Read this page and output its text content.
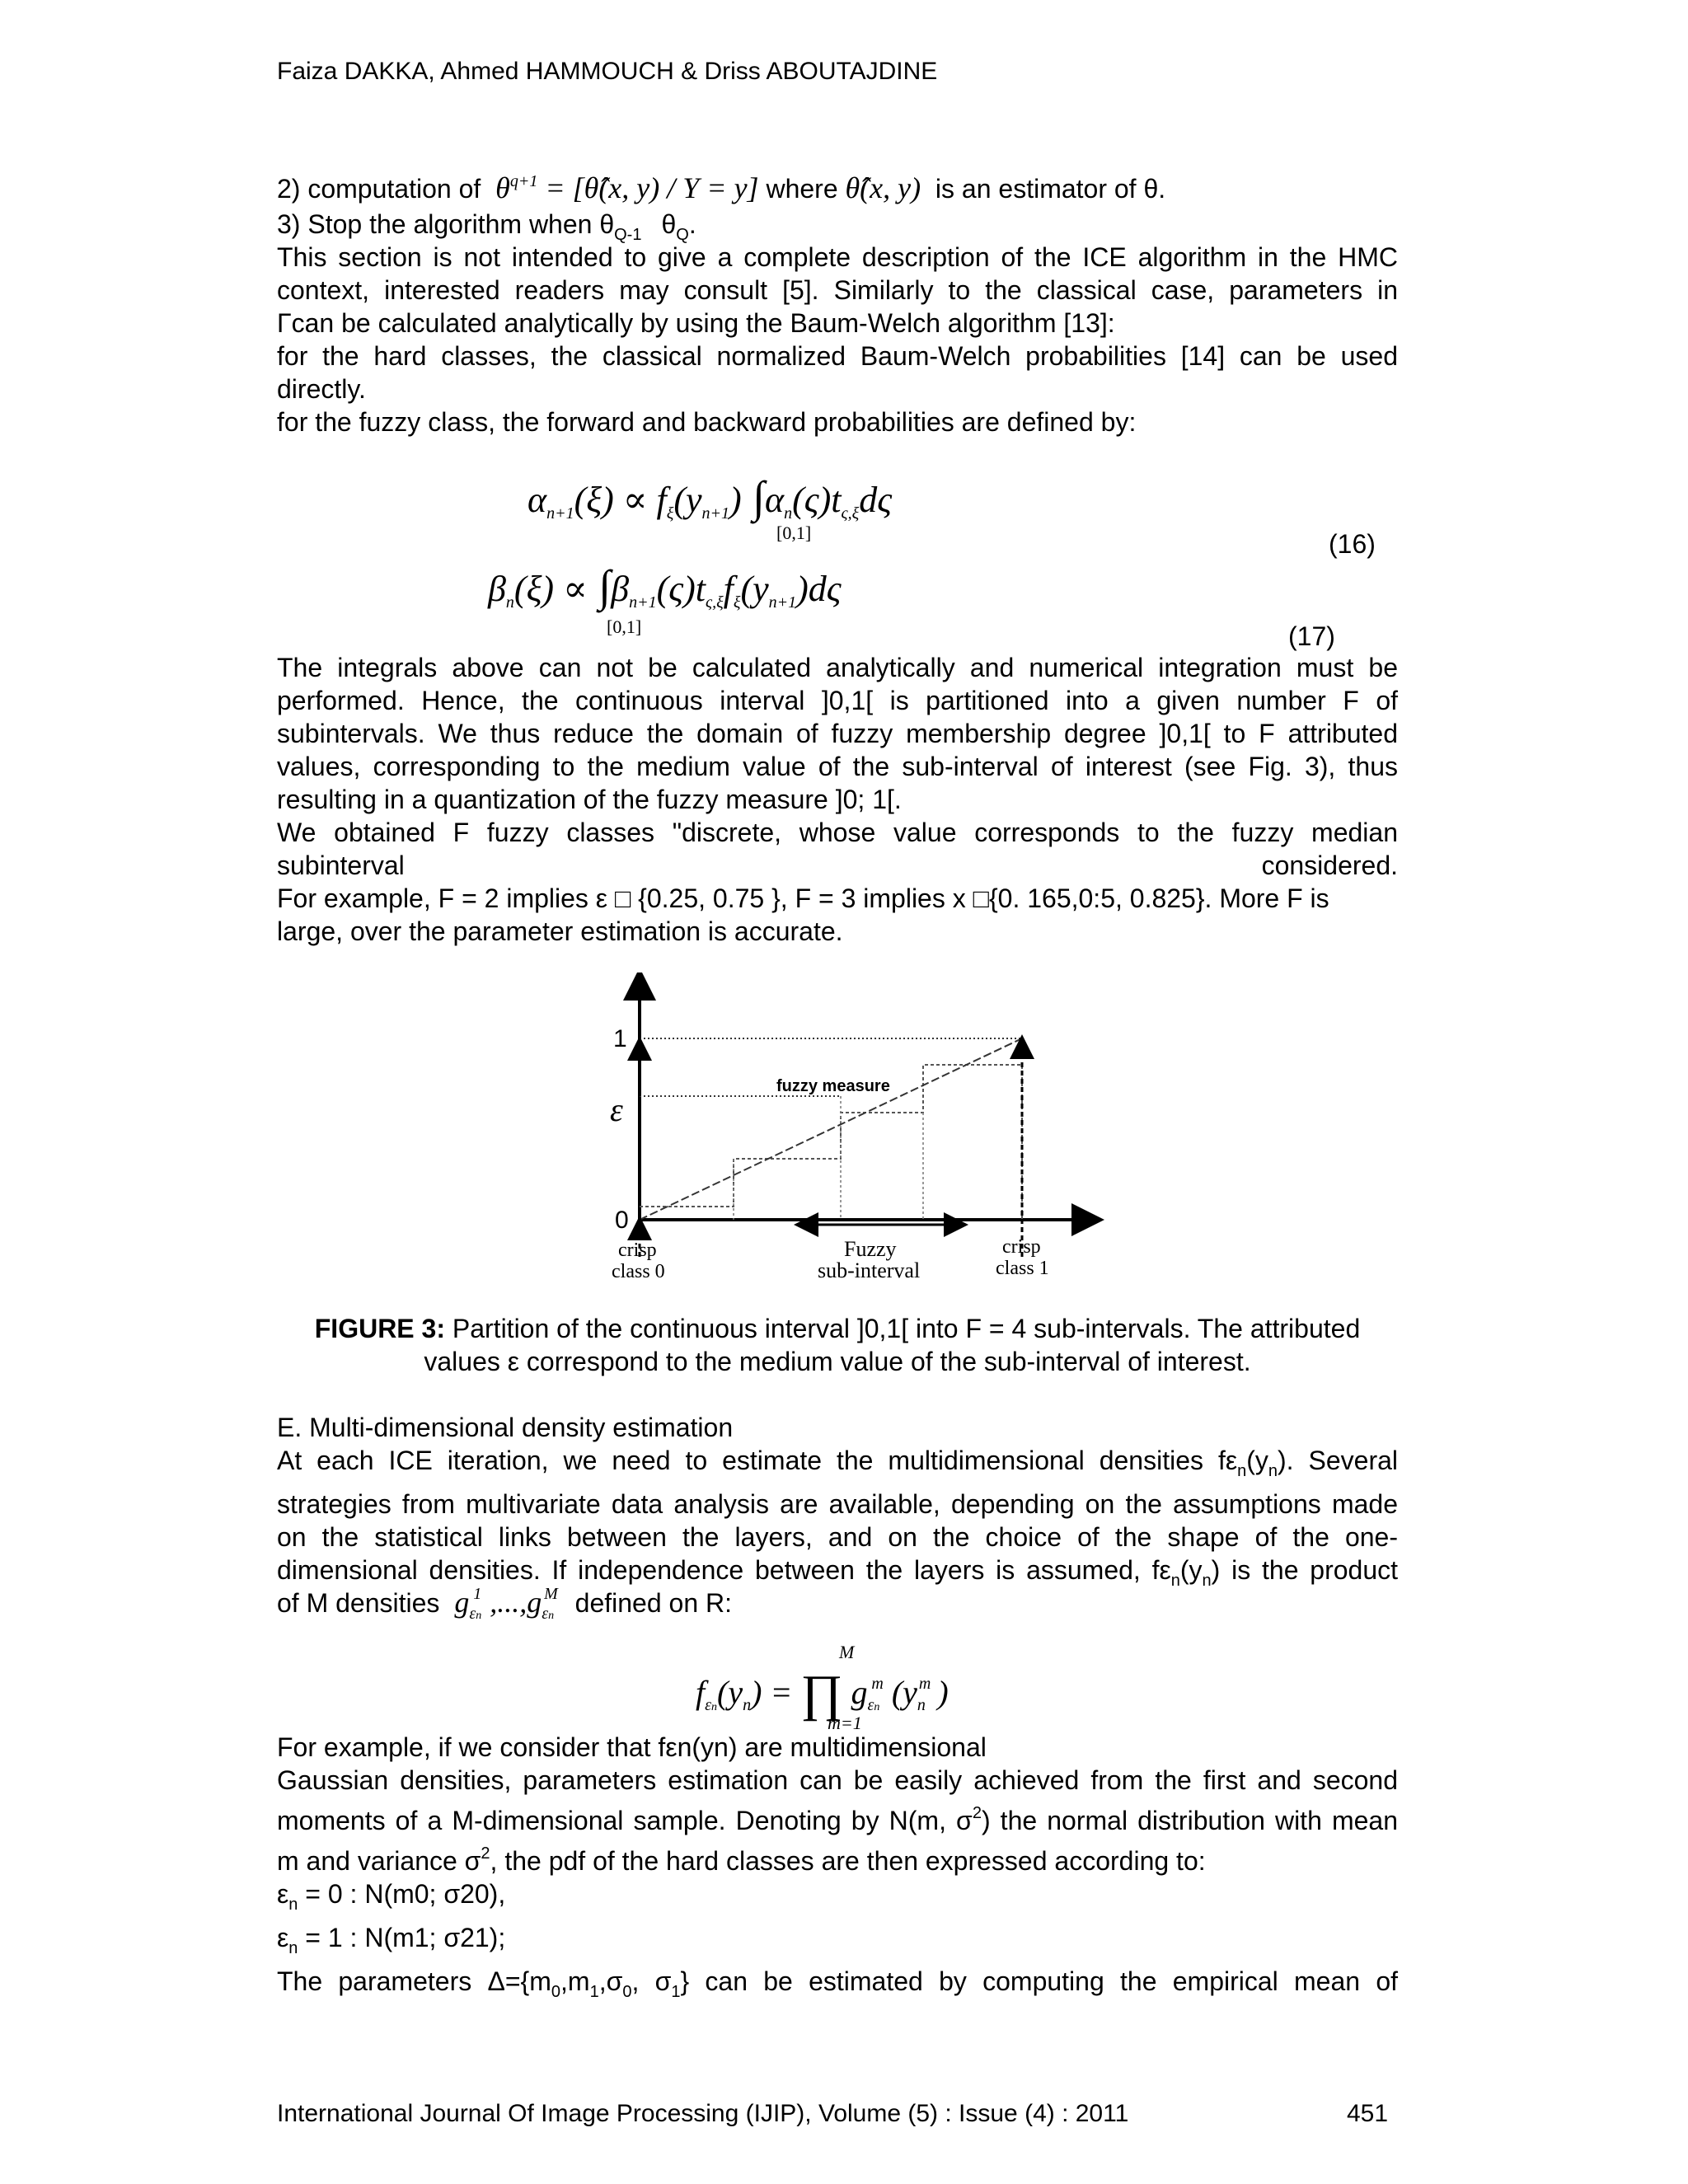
Faiza DAKKA, Ahmed HAMMOUCH & Driss ABOUTAJDINE
2) computation of  $\theta^{q+1}$ = [θ̂(x, y) / Y = y] where θ̂(x, y) is an estimator of θ.
3) Stop the algorithm when $\theta_{Q-1}$ $\theta_Q$.
This section is not intended to give a complete description of the ICE algorithm in the HMC
context, interested readers may consult [5]. Similarly to the classical case, parameters in
Γcan be calculated analytically by using the Baum-Welch algorithm [13]:
for the hard classes, the classical normalized Baum-Welch probabilities [14] can be used
directly.
for the fuzzy class, the forward and backward probabilities are defined by:
$\alpha_{n+1}(\xi) \propto f_\xi(y_{n+1})$ $\int\alpha_n(\varsigma)t_{\varsigma,\xi}d\varsigma$
[0,1]	(16)
$\beta_n(\xi) \propto \int\beta_{n+1}(\varsigma)t_{\varsigma,\xi}f_\xi(y_{n+1})d\varsigma$
[0,1]	(17)
The integrals above can not be calculated analytically and numerical integration must be
performed. Hence, the continuous interval ]0,1[ is partitioned into a given number F of
subintervals. We thus reduce the domain of fuzzy membership degree ]0,1[ to F attributed
values, corresponding to the medium value of the sub-interval of interest (see Fig. 3), thus
resulting in a quantization of the fuzzy measure ]0; 1[.
We obtained F fuzzy classes "discrete, whose value corresponds to the fuzzy median
subinterval	considered.
For example, F = 2 implies ε □ {0.25, 0.75 }, F = 3 implies x □{0. 165,0:5, 0.825}. More F is
large, over the parameter estimation is accurate.
1
ε
0
fuzzy measure
crisp
class 0
Fuzzy
sub-interval
crisp
class 1
FIGURE 3: Partition of the continuous interval ]0,1[ into F = 4 sub-intervals. The attributed
values ε correspond to the medium value of the sub-interval of interest.
E. Multi-dimensional density estimation
At each ICE iteration, we need to estimate the multidimensional densities $f\varepsilon_n(y_n)$. Several
strategies from multivariate data analysis are available, depending on the assumptions made
on the statistical links between the layers, and on the choice of the shape of the one-
dimensional densities. If independence between the layers is assumed, $f\varepsilon_n(y_n)$ is the product
of M densities  $g_{\varepsilon n}^1$ $,...,g_{\varepsilon n}^M$ defined on R:
M
$f_{\varepsilon n}(y_n)$ = ∏ $g_{\varepsilon n}^m$ ($y_n^m$ )
m=1
For example, if we consider that fεn(yn) are multidimensional
Gaussian densities, parameters estimation can be easily achieved from the first and second
moments of a M-dimensional sample. Denoting by N(m, $\sigma^2$) the normal distribution with mean
m and variance $\sigma^2$, the pdf of the hard classes are then expressed according to:
$\varepsilon_n = 0$ : N(m0; σ20),
$\varepsilon_n = 1$ : N(m1; σ21);
The parameters $\Delta=\{m_0,m_1,\sigma_0$, $\sigma_1$} can be estimated by computing the empirical mean of
International Journal Of Image Processing (IJIP), Volume (5) : Issue (4) : 2011	451
